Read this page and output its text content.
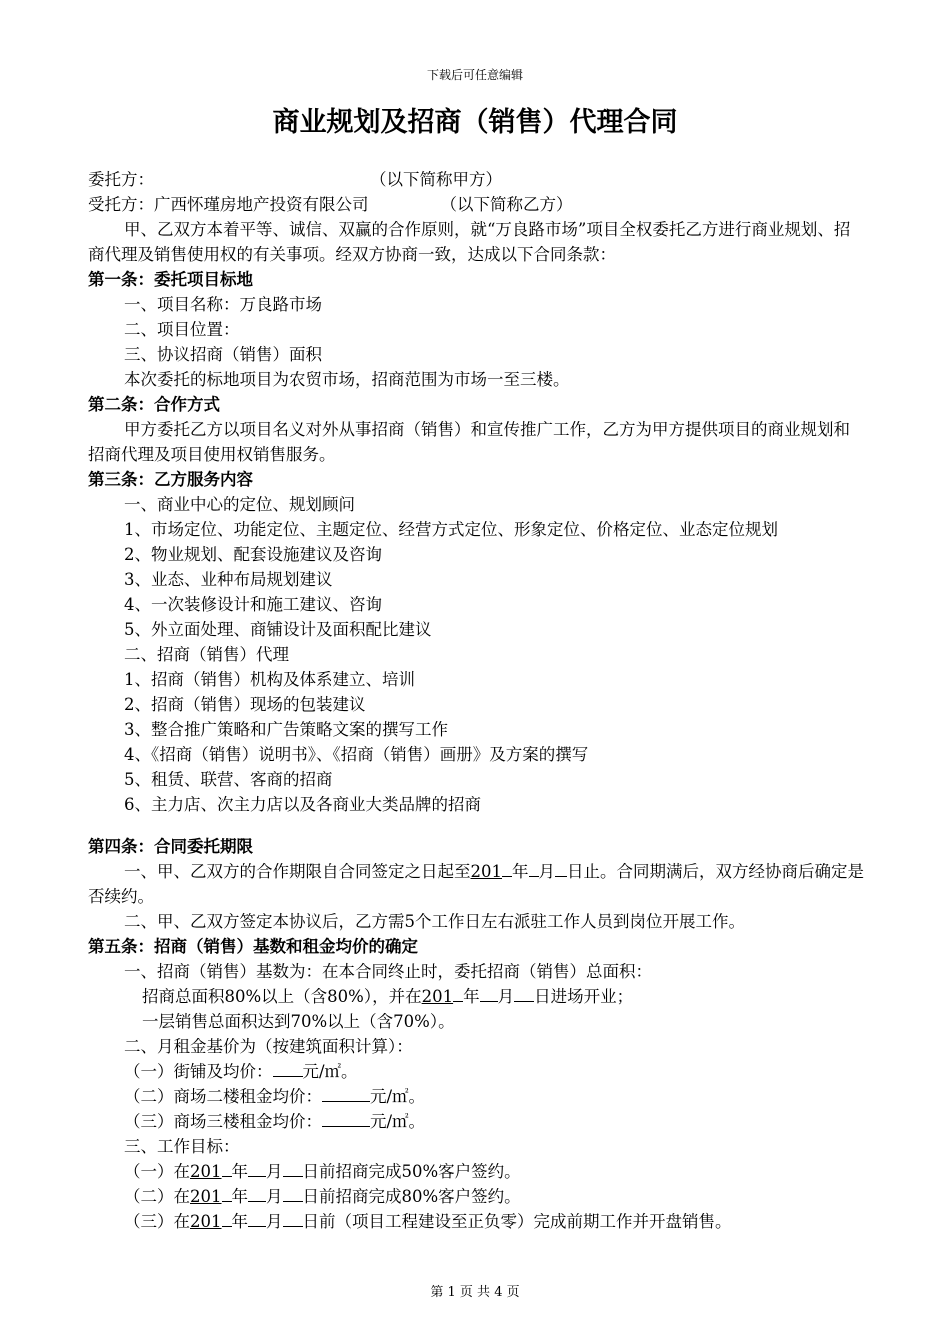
下载后可任意编辑
商业规划及招商（销售）代理合同
委托方：	（以下简称甲方）
受托方：广西怀瑾房地产投资有限公司	（以下简称乙方）
甲、乙双方本着平等、诚信、双赢的合作原则，就“万良路市场”项目全权委托乙方进行商业规划、招商代理及销售使用权的有关事项。经双方协商一致，达成以下合同条款：
第一条：委托项目标地
一、项目名称：万良路市场
二、项目位置：
三、协议招商（销售）面积
本次委托的标地项目为农贸市场，招商范围为市场一至三楼。
第二条：合作方式
甲方委托乙方以项目名义对外从事招商（销售）和宣传推广工作，乙方为甲方提供项目的商业规划和招商代理及项目使用权销售服务。
第三条：乙方服务内容
一、商业中心的定位、规划顾问
1、市场定位、功能定位、主题定位、经营方式定位、形象定位、价格定位、业态定位规划
2、物业规划、配套设施建议及咨询
3、业态、业种布局规划建议
4、一次装修设计和施工建议、咨询
5、外立面处理、商铺设计及面积配比建议
二、招商（销售）代理
1、招商（销售）机构及体系建立、培训
2、招商（销售）现场的包装建议
3、整合推广策略和广告策略文案的撰写工作
4、《招商（销售）说明书》、《招商（销售）画册》及方案的撰写
5、租赁、联营、客商的招商
6、主力店、次主力店以及各商业大类品牌的招商
第四条：合同委托期限
一、甲、乙双方的合作期限自合同签定之日起至201 年 月 日止。合同期满后，双方经协商后确定是否续约。
二、甲、乙双方签定本协议后，乙方需5个工作日左右派驻工作人员到岗位开展工作。
第五条：招商（销售）基数和租金均价的确定
一、招商（销售）基数为：在本合同终止时，委托招商（销售）总面积：
招商总面积80%以上（含80%），并在201 年 月 日进场开业；
一层销售总面积达到70%以上（含70%）。
二、月租金基价为（按建筑面积计算）：
（一）街铺及均价： 元/㎡。
（二）商场二楼租金均价：	元/㎡。
（三）商场三楼租金均价：	元/㎡。
三、工作目标：
（一）在201 年 月 日前招商完成50%客户签约。
（二）在201 年 月 日前招商完成80%客户签约。
（三）在201 年 月 日前（项目工程建设至正负零）完成前期工作并开盘销售。
第 1 页 共 4 页
